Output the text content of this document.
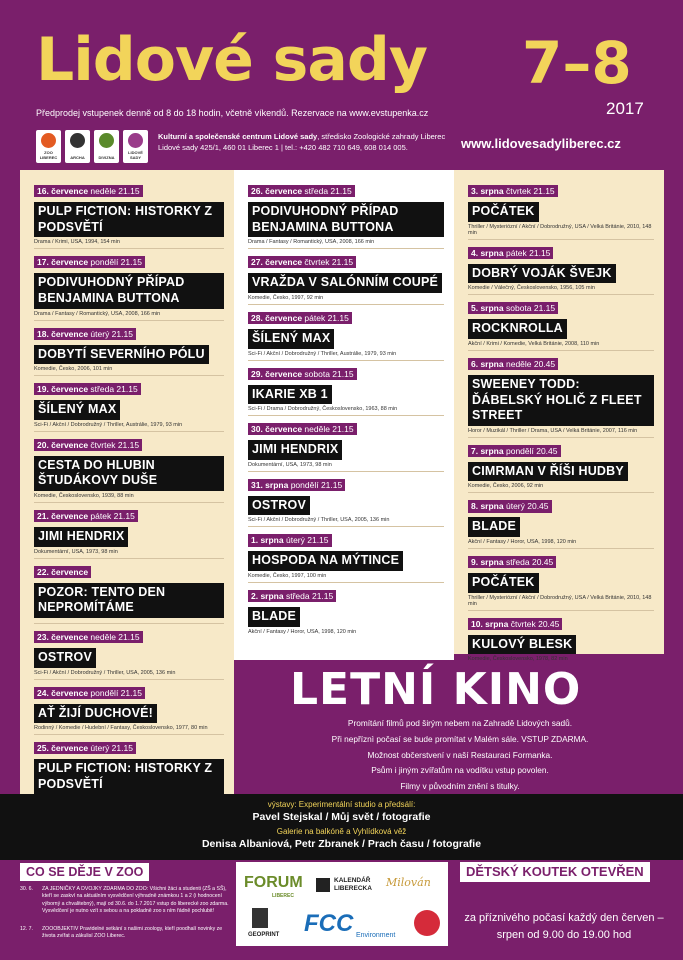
Lidové sady 7–8
2017
Předprodej vstupenek denně od 8 do 18 hodin, včetně víkendů. Rezervace na www.evstupenka.cz
ZOO LIBEREC	ARCHA	DIVIZNA
LIDOVÉ SADY
Kulturní a společenské centrum Lidové sady, středisko Zoologické zahrady Liberec
Lidové sady 425/1, 460 01 Liberec 1 | tel.: +420 482 710 649, 608 014 005.	www.lidovesadyliberec.cz
16. července neděle 21.15
PULP FICTION: HISTORKY Z PODSVĚTÍ
Drama / Krimi, USA, 1994, 154 min
17. července pondělí 21.15
PODIVUHODNÝ PŘÍPAD BENJAMINA BUTTONA
Drama / Fantasy / Romantický, USA, 2008, 166 min
18. července úterý 21.15
DOBYTÍ SEVERNÍHO PÓLU
Komedie, Česko, 2006, 101 min
19. července středa 21.15
ŠÍLENÝ MAX
Sci-Fi / Akční / Dobrodružný / Thriller, Austrálie, 1979, 93 min
20. července čtvrtek 21.15
CESTA DO HLUBIN ŠTUDÁKOVY DUŠE
Komedie, Československo, 1939, 88 min
21. července pátek 21.15
JIMI HENDRIX
Dokumentární, USA, 1973, 98 min
22. července
POZOR: TENTO DEN NEPROMÍTÁME
23. července neděle 21.15
OSTROV
Sci-Fi / Akční / Dobrodružný / Thriller, USA, 2005, 136 min
24. července pondělí 21.15
AŤ ŽIJÍ DUCHOVÉ!
Rodinný / Komedie / Hudební / Fantasy, Československo, 1977, 80 min
25. července úterý 21.15
PULP FICTION: HISTORKY Z PODSVĚTÍ
26. července středa 21.15
PODIVUHODNÝ PŘÍPAD BENJAMINA BUTTONA
Drama / Fantasy / Romantický, USA, 2008, 166 min
27. července čtvrtek 21.15
VRAŽDA V SALÓNNÍM COUPÉ
Komedie, Česko, 1997, 92 min
28. července pátek 21.15
ŠÍLENÝ MAX
Sci-Fi / Akční / Dobrodružný / Thriller, Austrálie, 1979, 93 min
29. července sobota 21.15
IKARIE XB 1
Sci-Fi / Drama / Dobrodružný, Československo, 1963, 88 min
30. července neděle 21.15
JIMI HENDRIX
Dokumentární, USA, 1973, 98 min
31. srpna pondělí 21.15
OSTROV
Sci-Fi / Akční / Dobrodružný / Thriller, USA, 2005, 136 min
1. srpna úterý 21.15
HOSPODA NA MÝTINCE
Komedie, Česko, 1997, 100 min
2. srpna středa 21.15
BLADE
Akční / Fantasy / Horor, USA, 1998, 120 min
3. srpna čtvrtek 21.15
POČÁTEK
Thriller / Mysteriózní / Akční / Dobrodružný, USA / Velká Británie, 2010, 148 min
4. srpna pátek 21.15
DOBRÝ VOJÁK ŠVEJK
Komedie / Válečný, Československo, 1956, 105 min
5. srpna sobota 21.15
ROCKNROLLA
Akční / Krimi / Komedie, Velká Británie, 2008, 110 min
6. srpna neděle 20.45
SWEENEY TODD: ĎÁBELSKÝ HOLIČ Z FLEET STREET
Horor / Muzikál / Thriller / Drama, USA / Velká Británie, 2007, 116 min
7. srpna pondělí 20.45
CIMRMAN V ŘÍŠI HUDBY
Komedie, Česko, 2006, 92 min
8. srpna úterý 20.45
BLADE
Akční / Fantasy / Horor, USA, 1998, 120 min
9. srpna středa 20.45
POČÁTEK
Thriller / Mysteriózní / Akční / Dobrodružný, USA / Velká Británie, 2010, 148 min
10. srpna čtvrtek 20.45
KULOVÝ BLESK
Komedie, Československo, 1978, 82 min
LETNÍ KINO
Promítání filmů pod širým nebem na Zahradě Lidových sadů.
Při nepříznì počasí se bude promítat v Malém sále. VSTUP ZDARMA.
Možnost občerstvení v naší Restauraci Formanka.
Psům i jiným zvířatům na vodítku vstup povolen.
Filmy v původním znění s titulky.
výstavy: Experimentální studio a předsálí:
Pavel Stejskal / Můj svět / fotografie
Galerie na balkóně a Vyhlídková věž
Denisa Albaniová, Petr Zbranek / Prach času / fotografie
CO SE DĚJE V ZOO
30. 6. ZA JEDNIČKY A DVOJKY ZDARMA DO ZOO: Všichni žáci a studenti (ZŠ a SŠ), kteří se zaskví na aktuálním vysvědčení výhradně známkou 1 a 2 (i hodnocení výborný a chvalitebný), mají od 30.6. do 1.7.2017 vstup do liberecké zoo zdarma. Vysvědčení je nutno vzít s sebou a na pokladně zoo s ním řádně pochlubit!
12. 7. ZOOOBJEKTIV Pravidelné setkání s našimi zoology, kteří poodhalí novinky ze života zvířat a zákulisí ZOO Liberec.
FORUM
LIBEREC
KALENDÁŘ LIBERECKA	Milován
GEOPRINT FCC Environment
DĚTSKÝ KOUTEK OTEVŘEN
za příznivého počasí každý den červen – srpen od 9.00 do 19.00 hod
